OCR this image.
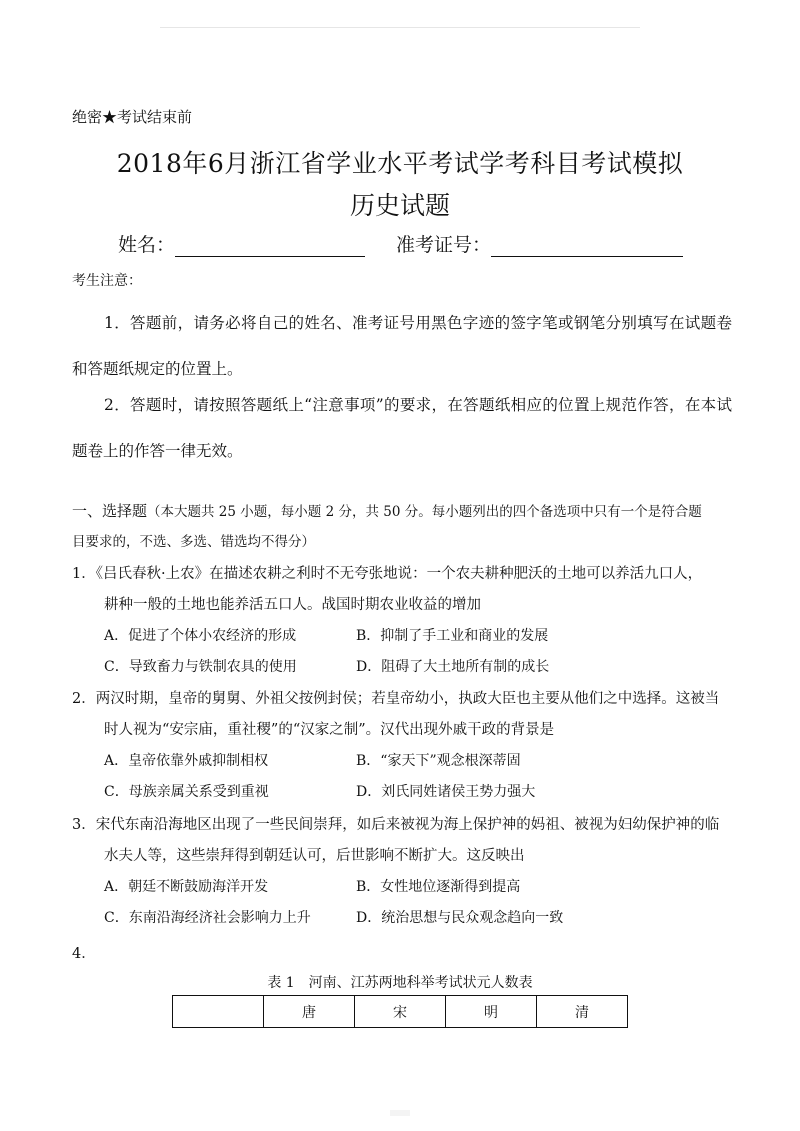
绝密★考试结束前
2018年6月浙江省学业水平考试学考科目考试模拟
历史试题
姓名：	准考证号：
考生注意：
1．答题前，请务必将自己的姓名、准考证号用黑色字迹的签字笔或钢笔分别填写在试题卷和答题纸规定的位置上。
2．答题时，请按照答题纸上“注意事项”的要求，在答题纸相应的位置上规范作答，在本试题卷上的作答一律无效。
一、选择题（本大题共 25 小题，每小题 2 分，共 50 分。每小题列出的四个备选项中只有一个是符合题
目要求的，不选、多选、错选均不得分）
1．《吕氏春秋·上农》在描述农耕之利时不无夸张地说：一个农夫耕种肥沃的土地可以养活九口人，
耕种一般的土地也能养活五口人。战国时期农业收益的增加
A．促进了个体小农经济的形成	B．抑制了手工业和商业的发展
C．导致畜力与铁制农具的使用	D．阻碍了大土地所有制的成长
2．两汉时期，皇帝的舅舅、外祖父按例封侯；若皇帝幼小，执政大臣也主要从他们之中选择。这被当
时人视为“安宗庙，重社稷”的“汉家之制”。汉代出现外戚干政的背景是
A．皇帝依靠外戚抑制相权	B．“家天下”观念根深蒂固
C．母族亲属关系受到重视	D．刘氏同姓诸侯王势力强大
3．宋代东南沿海地区出现了一些民间崇拜，如后来被视为海上保护神的妈祖、被视为妇幼保护神的临
水夫人等，这些崇拜得到朝廷认可，后世影响不断扩大。这反映出
A．朝廷不断鼓励海洋开发	B．女性地位逐渐得到提高
C．东南沿海经济社会影响力上升	D．统治思想与民众观念趋向一致
4．
表 1　河南、江苏两地科举考试状元人数表
	唐	宋	明	清
